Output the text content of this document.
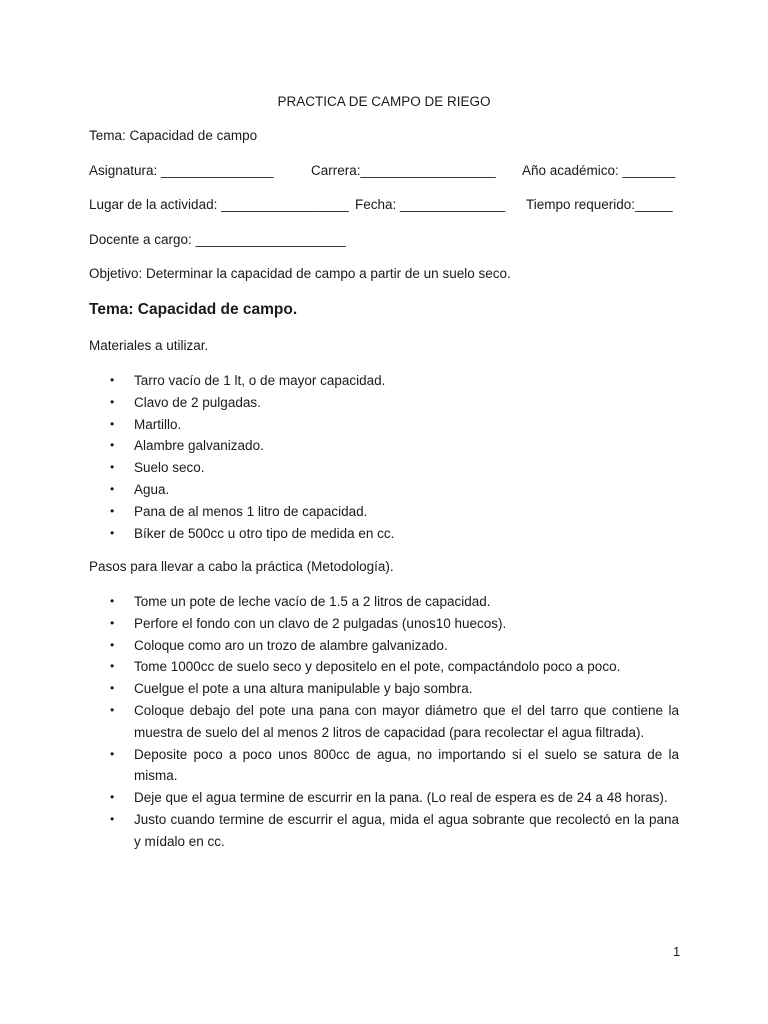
PRACTICA DE CAMPO DE RIEGO
Tema: Capacidad de campo
Asignatura: _______________	Carrera:__________________ Año académico: _______
Lugar de la actividad: _________________ Fecha: ______________ Tiempo requerido:_____
Docente a cargo: ____________________
Objetivo: Determinar la capacidad de campo a partir de un suelo seco.
Tema: Capacidad de campo.
Materiales a utilizar.
• Tarro vacío de 1 lt, o de mayor capacidad.
• Clavo de 2 pulgadas.
• Martillo.
• Alambre galvanizado.
• Suelo seco.
• Agua.
• Pana de al menos 1 litro de capacidad.
• Bíker de 500cc u otro tipo de medida en cc.
Pasos para llevar a cabo la práctica (Metodología).
• Tome un pote de leche vacío de 1.5 a 2 litros de capacidad.
• Perfore el fondo con un clavo de 2 pulgadas (unos10 huecos).
• Coloque como aro un trozo de alambre galvanizado.
• Tome 1000cc de suelo seco y depositelo en el pote, compactándolo poco a poco.
• Cuelgue el pote a una altura manipulable y bajo sombra.
• Coloque debajo del pote una pana con mayor diámetro que el del tarro que contiene la muestra de suelo del al menos 2 litros de capacidad (para recolectar el agua filtrada).
• Deposite poco a poco unos 800cc de agua, no importando si el suelo se satura de la misma.
• Deje que el agua termine de escurrir en la pana. (Lo real de espera es de 24 a 48 horas).
• Justo cuando termine de escurrir el agua, mida el agua sobrante que recolectó en la pana y mídalo en cc.
1
